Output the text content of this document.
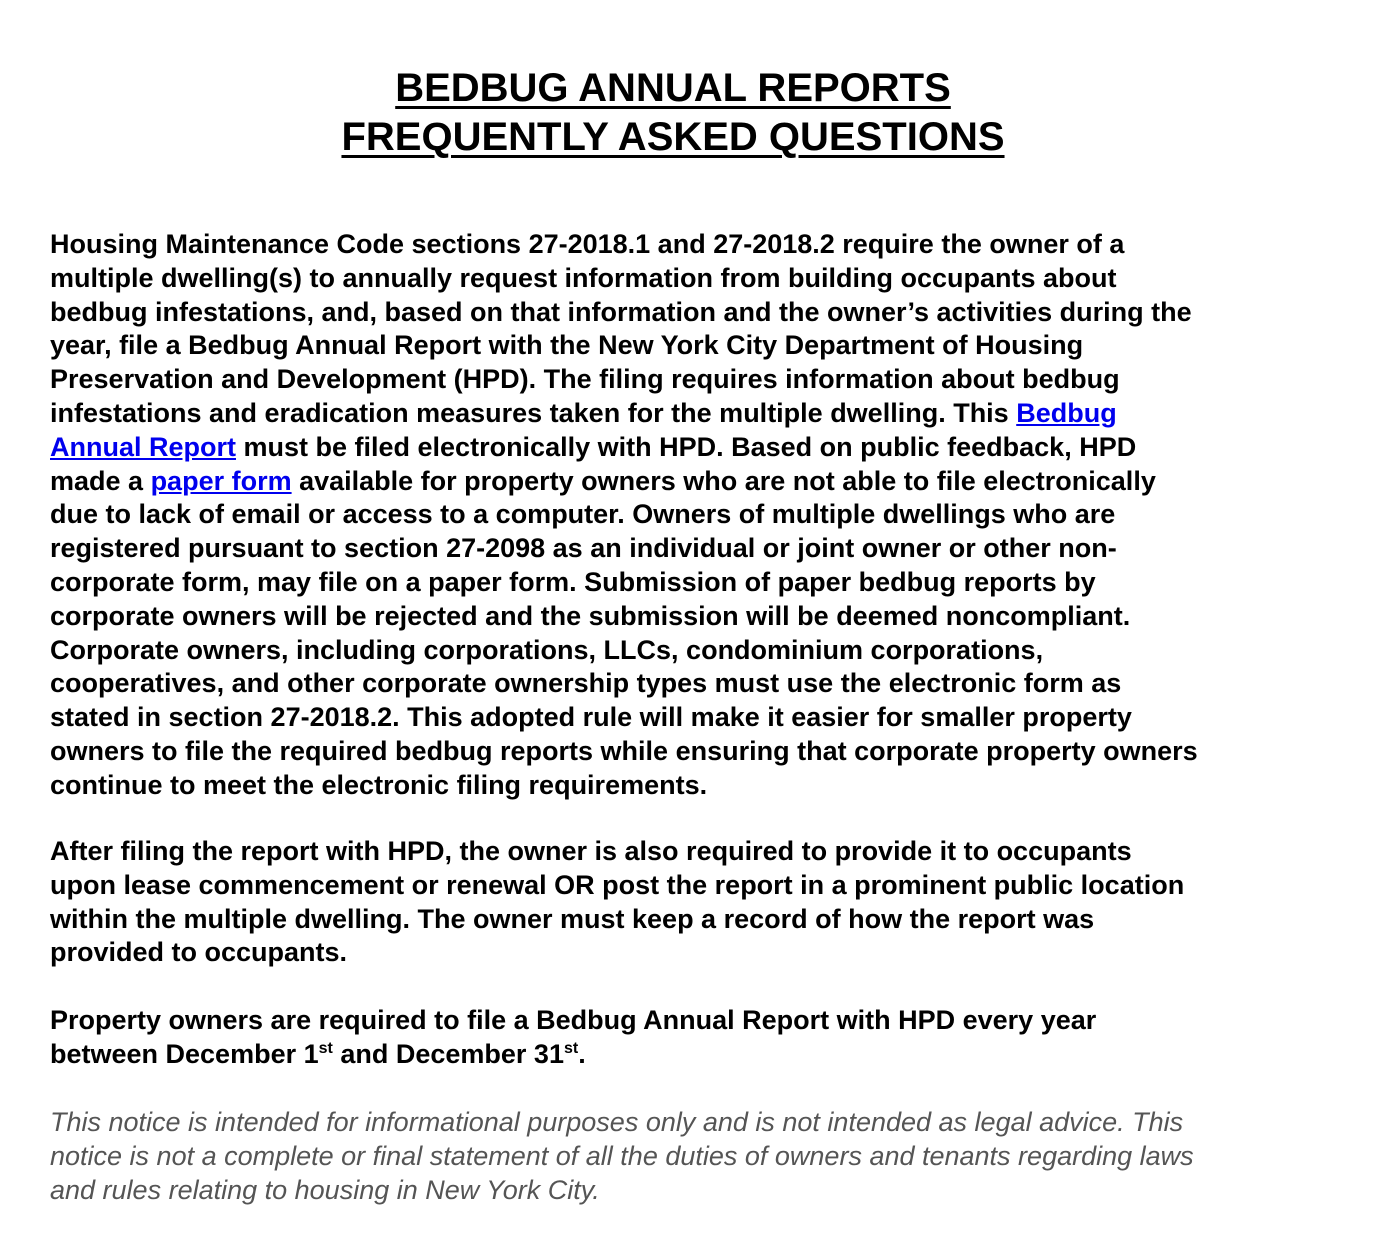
BEDBUG ANNUAL REPORTS
FREQUENTLY ASKED QUESTIONS
Housing Maintenance Code sections 27-2018.1 and 27-2018.2 require the owner of a
multiple dwelling(s) to annually request information from building occupants about
bedbug infestations, and, based on that information and the owner’s activities during the
year, file a Bedbug Annual Report with the New York City Department of Housing
Preservation and Development (HPD). The filing requires information about bedbug
infestations and eradication measures taken for the multiple dwelling. This Bedbug
Annual Report must be filed electronically with HPD. Based on public feedback, HPD
made a paper form available for property owners who are not able to file electronically
due to lack of email or access to a computer. Owners of multiple dwellings who are
registered pursuant to section 27-2098 as an individual or joint owner or other non-
corporate form, may file on a paper form. Submission of paper bedbug reports by
corporate owners will be rejected and the submission will be deemed noncompliant.
Corporate owners, including corporations, LLCs, condominium corporations,
cooperatives, and other corporate ownership types must use the electronic form as
stated in section 27-2018.2. This adopted rule will make it easier for smaller property
owners to file the required bedbug reports while ensuring that corporate property owners
continue to meet the electronic filing requirements.
After filing the report with HPD, the owner is also required to provide it to occupants
upon lease commencement or renewal OR post the report in a prominent public location
within the multiple dwelling. The owner must keep a record of how the report was
provided to occupants.
Property owners are required to file a Bedbug Annual Report with HPD every year
between December 1st and December 31st.
This notice is intended for informational purposes only and is not intended as legal advice. This
notice is not a complete or final statement of all the duties of owners and tenants regarding laws
and rules relating to housing in New York City.
